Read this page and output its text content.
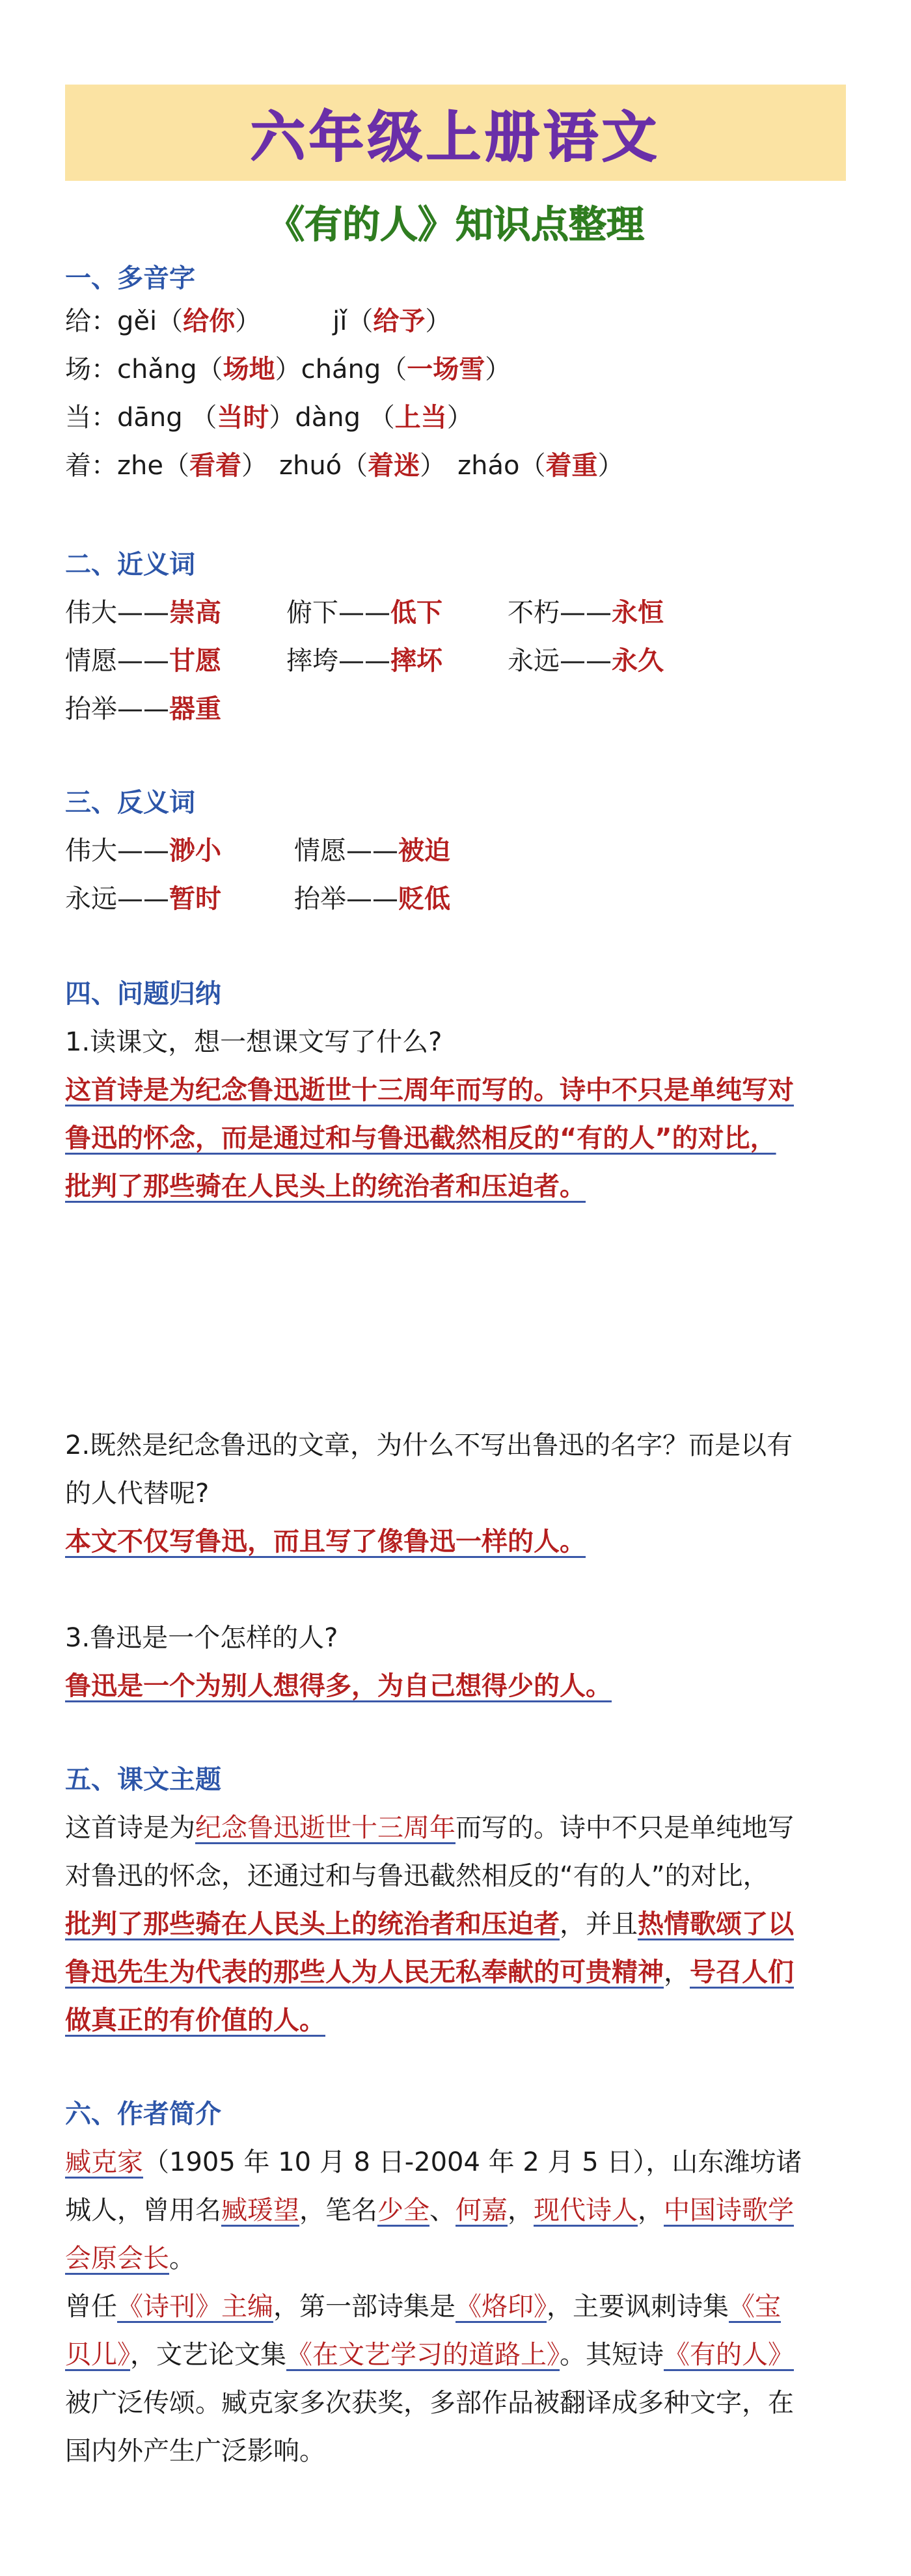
六年级上册语文
《有的人》知识点整理
一、多音字
给：gěi（给你）	jǐ（给予）
场：chǎng（场地）cháng（一场雪）
当：dāng （当时）dàng （上当）
着：zhe（看着） zhuó（着迷） zháo（着重）
二、近义词
伟大——崇高	俯下——低下	不朽——永恒
情愿——甘愿	摔垮——摔坏	永远——永久
抬举——器重
三、反义词
伟大——渺小	情愿——被迫
永远——暂时	抬举——贬低
四、问题归纳
1.读课文，想一想课文写了什么?
这首诗是为纪念鲁迅逝世十三周年而写的。诗中不只是单纯写对
鲁迅的怀念，而是通过和与鲁迅截然相反的“有的人”的对比，
批判了那些骑在人民头上的统治者和压迫者。
2.既然是纪念鲁迅的文章，为什么不写出鲁迅的名字？而是以有
的人代替呢?
本文不仅写鲁迅，而且写了像鲁迅一样的人。
3.鲁迅是一个怎样的人?
鲁迅是一个为别人想得多，为自己想得少的人。
五、课文主题
这首诗是为纪念鲁迅逝世十三周年而写的。诗中不只是单纯地写
对鲁迅的怀念，还通过和与鲁迅截然相反的“有的人”的对比，
批判了那些骑在人民头上的统治者和压迫者，并且热情歌颂了以
鲁迅先生为代表的那些人为人民无私奉献的可贵精神，号召人们
做真正的有价值的人。
六、作者简介
臧克家（1905 年 10 月 8 日-2004 年 2 月 5 日），山东潍坊诸
城人，曾用名臧瑗望，笔名少全、何嘉，现代诗人，中国诗歌学
会原会长。
曾任《诗刊》主编，第一部诗集是《烙印》，主要讽刺诗集《宝
贝儿》，文艺论文集《在文艺学习的道路上》。其短诗《有的人》
被广泛传颂。臧克家多次获奖，多部作品被翻译成多种文字，在
国内外产生广泛影响。
